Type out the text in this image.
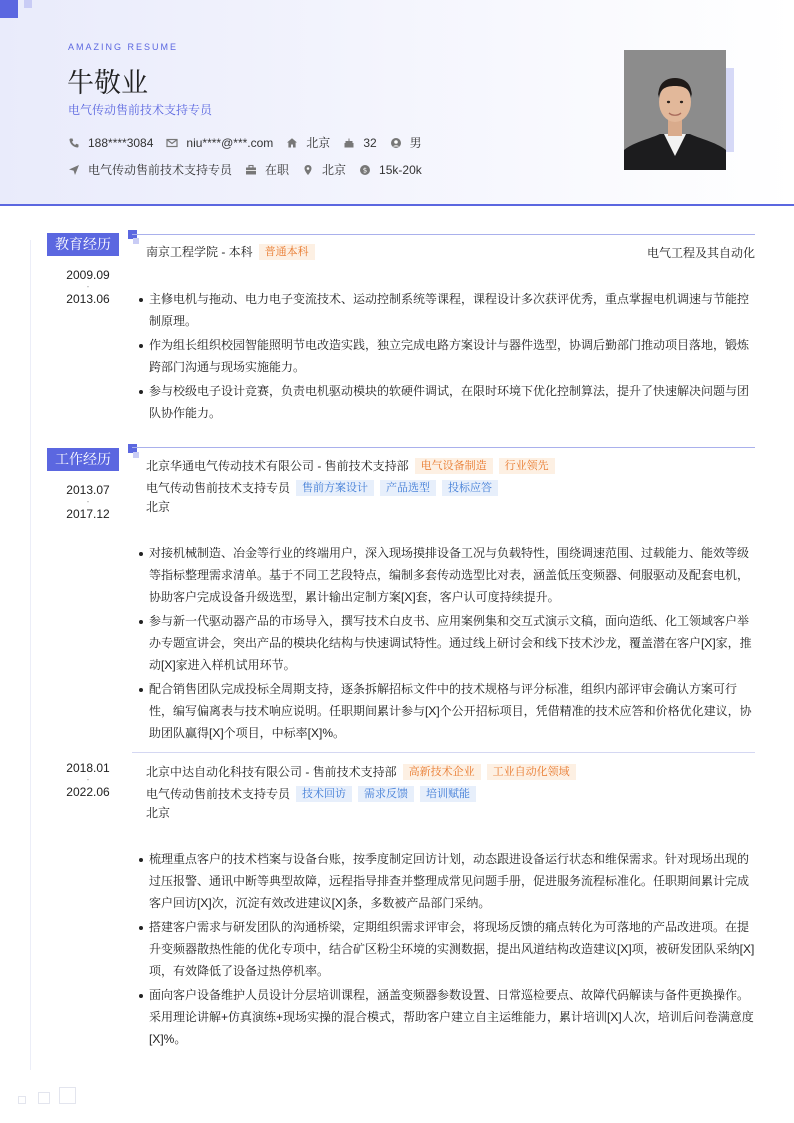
AMAZING RESUME
牛敬业
电气传动售前技术支持专员
188****3084	niu****@***.com	北京	32	男
电气传动售前技术支持专员	在职	北京 $ 15k-20k
教育经历
2009.09
-
2013.06
南京工程学院 - 本科	普通本科	电气工程及其自动化
主修电机与拖动、电力电子变流技术、运动控制系统等课程，课程设计多次获评优秀，重点掌握电机调速与节能控制原理。
作为组长组织校园智能照明节电改造实践，独立完成电路方案设计与器件选型，协调后勤部门推动项目落地，锻炼跨部门沟通与现场实施能力。
参与校级电子设计竞赛，负责电机驱动模块的软硬件调试，在限时环境下优化控制算法，提升了快速解决问题与团队协作能力。
工作经历
2013.07
-
2017.12
北京华通电气传动技术有限公司 - 售前技术支持部	电气设备制造	行业领先
电气传动售前技术支持专员	售前方案设计	产品选型	投标应答
北京
对接机械制造、冶金等行业的终端用户，深入现场摸排设备工况与负载特性，围绕调速范围、过载能力、能效等级等指标整理需求清单。基于不同工艺段特点，编制多套传动选型比对表，涵盖低压变频器、伺服驱动及配套电机，协助客户完成设备升级选型，累计输出定制方案[X]套，客户认可度持续提升。
参与新一代驱动器产品的市场导入，撰写技术白皮书、应用案例集和交互式演示文稿，面向造纸、化工领域客户举办专题宣讲会，突出产品的模块化结构与快速调试特性。通过线上研讨会和线下技术沙龙，覆盖潜在客户[X]家，推动[X]家进入样机试用环节。
配合销售团队完成投标全周期支持，逐条拆解招标文件中的技术规格与评分标准，组织内部评审会确认方案可行性，编写偏离表与技术响应说明。任职期间累计参与[X]个公开招标项目，凭借精准的技术应答和价格优化建议，协助团队赢得[X]个项目，中标率[X]%。
2018.01
-
2022.06
北京中达自动化科技有限公司 - 售前技术支持部	高新技术企业	工业自动化领域
电气传动售前技术支持专员	技术回访	需求反馈	培训赋能
北京
梳理重点客户的技术档案与设备台账，按季度制定回访计划，动态跟进设备运行状态和维保需求。针对现场出现的过压报警、通讯中断等典型故障，远程指导排查并整理成常见问题手册，促进服务流程标准化。任职期间累计完成客户回访[X]次，沉淀有效改进建议[X]条，多数被产品部门采纳。
搭建客户需求与研发团队的沟通桥梁，定期组织需求评审会，将现场反馈的痛点转化为可落地的产品改进项。在提升变频器散热性能的优化专项中，结合矿区粉尘环境的实测数据，提出风道结构改造建议[X]项，被研发团队采纳[X]项，有效降低了设备过热停机率。
面向客户设备维护人员设计分层培训课程，涵盖变频器参数设置、日常巡检要点、故障代码解读与备件更换操作。采用理论讲解+仿真演练+现场实操的混合模式，帮助客户建立自主运维能力，累计培训[X]人次，培训后问卷满意度[X]%。
